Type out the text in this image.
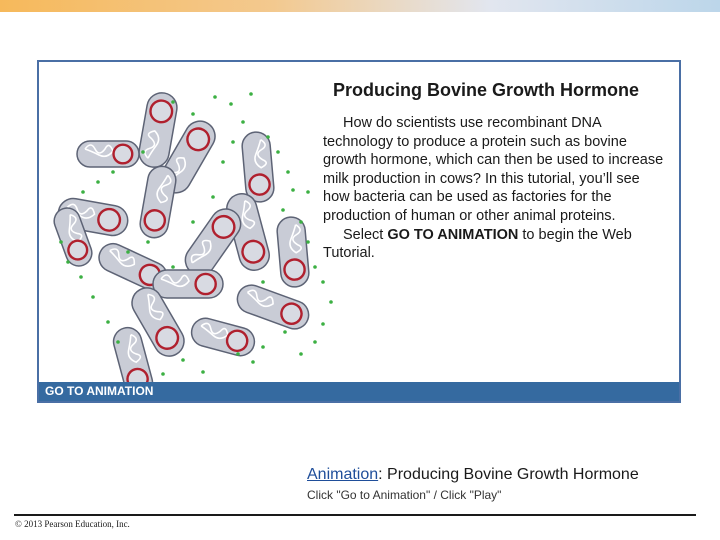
Producing Bovine Growth Hormone

How do scientists use recombinant DNA technology to produce a protein such as bovine growth hormone, which can then be used to increase milk production in cows? In this tutorial, you’ll see how bacteria can be used as factories for the production of human or other animal proteins.

Select GO TO ANIMATION to begin the Web Tutorial.

GO TO ANIMATION
Animation: Producing Bovine Growth Hormone
Click "Go to Animation" / Click "Play"
© 2013 Pearson Education, Inc.
